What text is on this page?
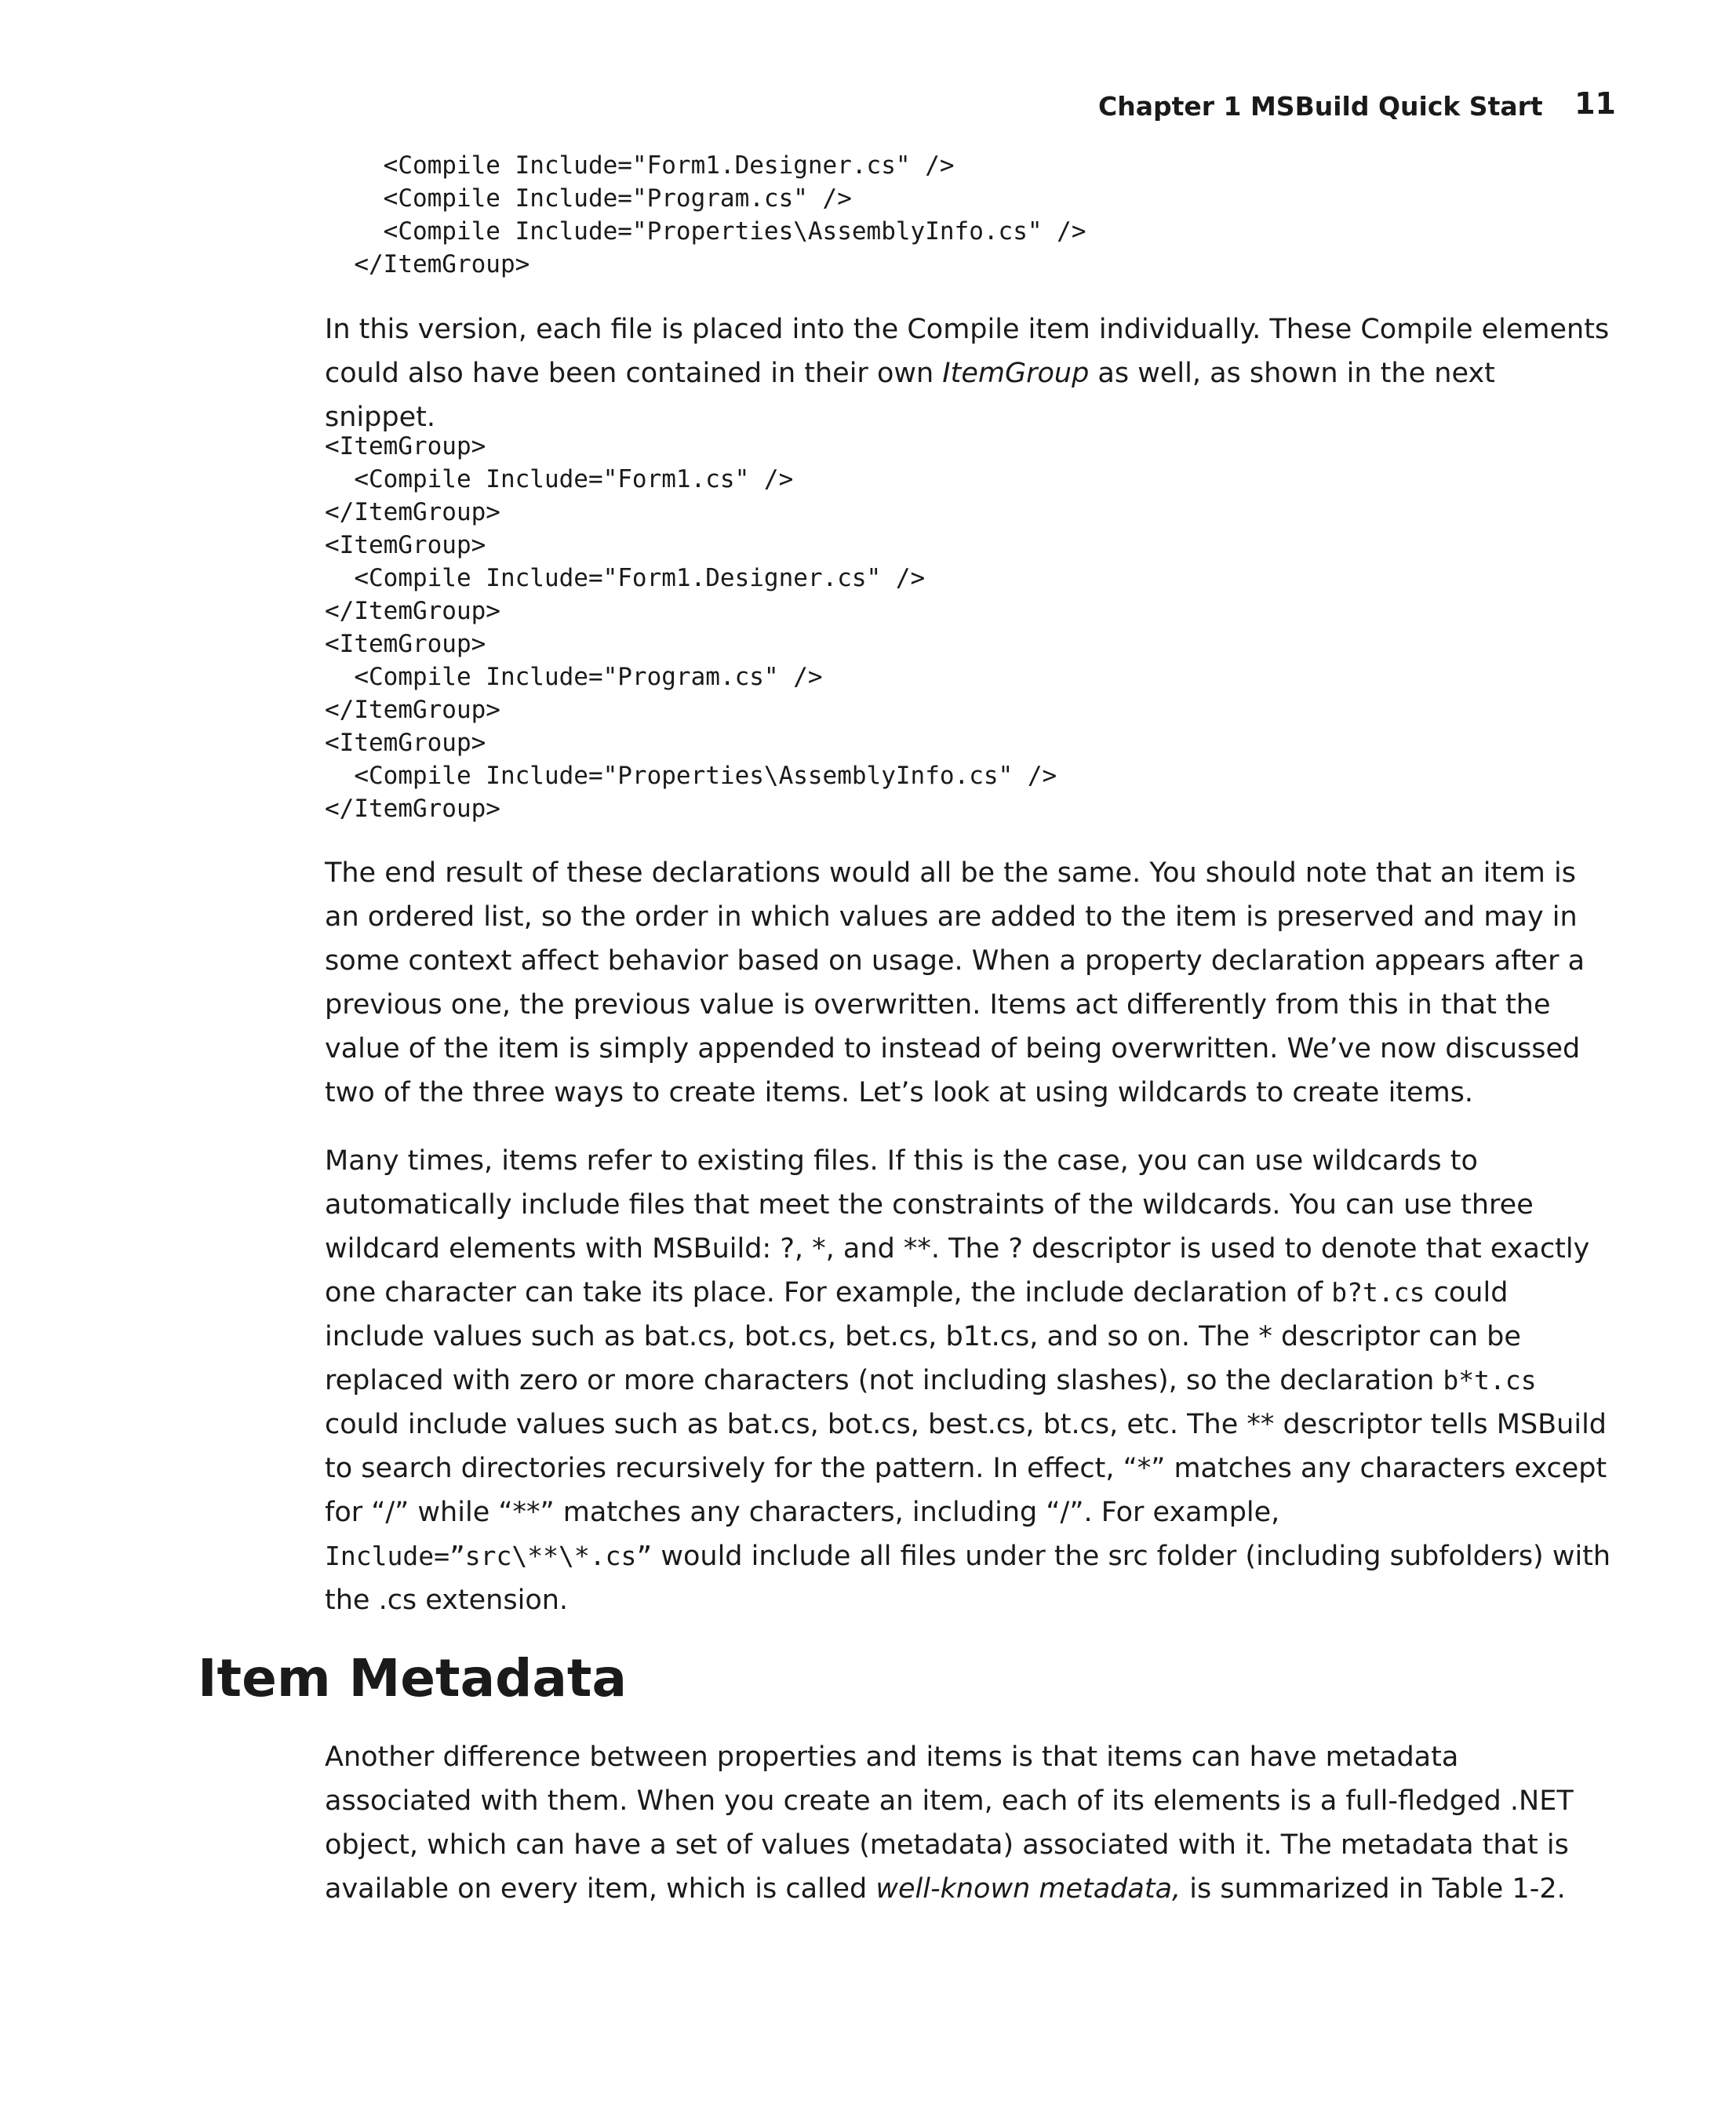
Chapter 1 MSBuild Quick Start 11
<Compile Include="Form1.Designer.cs" />
<Compile Include="Program.cs" />
<Compile Include="Properties\AssemblyInfo.cs" />
</ItemGroup>

In this version, each file is placed into the Compile item individually. These Compile elements could also have been contained in their own ItemGroup as well, as shown in the next snippet.

<ItemGroup>
<Compile Include="Form1.cs" />
</ItemGroup>
<ItemGroup>
<Compile Include="Form1.Designer.cs" />
</ItemGroup>
<ItemGroup>
<Compile Include="Program.cs" />
</ItemGroup>
<ItemGroup>
<Compile Include="Properties\AssemblyInfo.cs" />
</ItemGroup>

The end result of these declarations would all be the same. You should note that an item is an ordered list, so the order in which values are added to the item is preserved and may in some context affect behavior based on usage. When a property declaration appears after a previous one, the previous value is overwritten. Items act differently from this in that the value of the item is simply appended to instead of being overwritten. We’ve now discussed two of the three ways to create items. Let’s look at using wildcards to create items.

Many times, items refer to existing files. If this is the case, you can use wildcards to automatically include files that meet the constraints of the wildcards. You can use three wildcard elements with MSBuild: ?, *, and **. The ? descriptor is used to denote that exactly one character can take its place. For example, the include declaration of b?t.cs could include values such as bat.cs, bot.cs, bet.cs, b1t.cs, and so on. The * descriptor can be replaced with zero or more characters (not including slashes), so the declaration b*t.cs could include values such as bat.cs, bot.cs, best.cs, bt.cs, etc. The ** descriptor tells MSBuild to search directories recursively for the pattern. In effect, “*” matches any characters except for “/” while “**” matches any characters, including “/”. For example, Include=”src\**\*.cs” would include all files under the src folder (including subfolders) with the .cs extension.

Item Metadata

Another difference between properties and items is that items can have metadata associated with them. When you create an item, each of its elements is a full-fledged .NET object, which can have a set of values (metadata) associated with it. The metadata that is available on every item, which is called well-known metadata, is summarized in Table 1-2.
